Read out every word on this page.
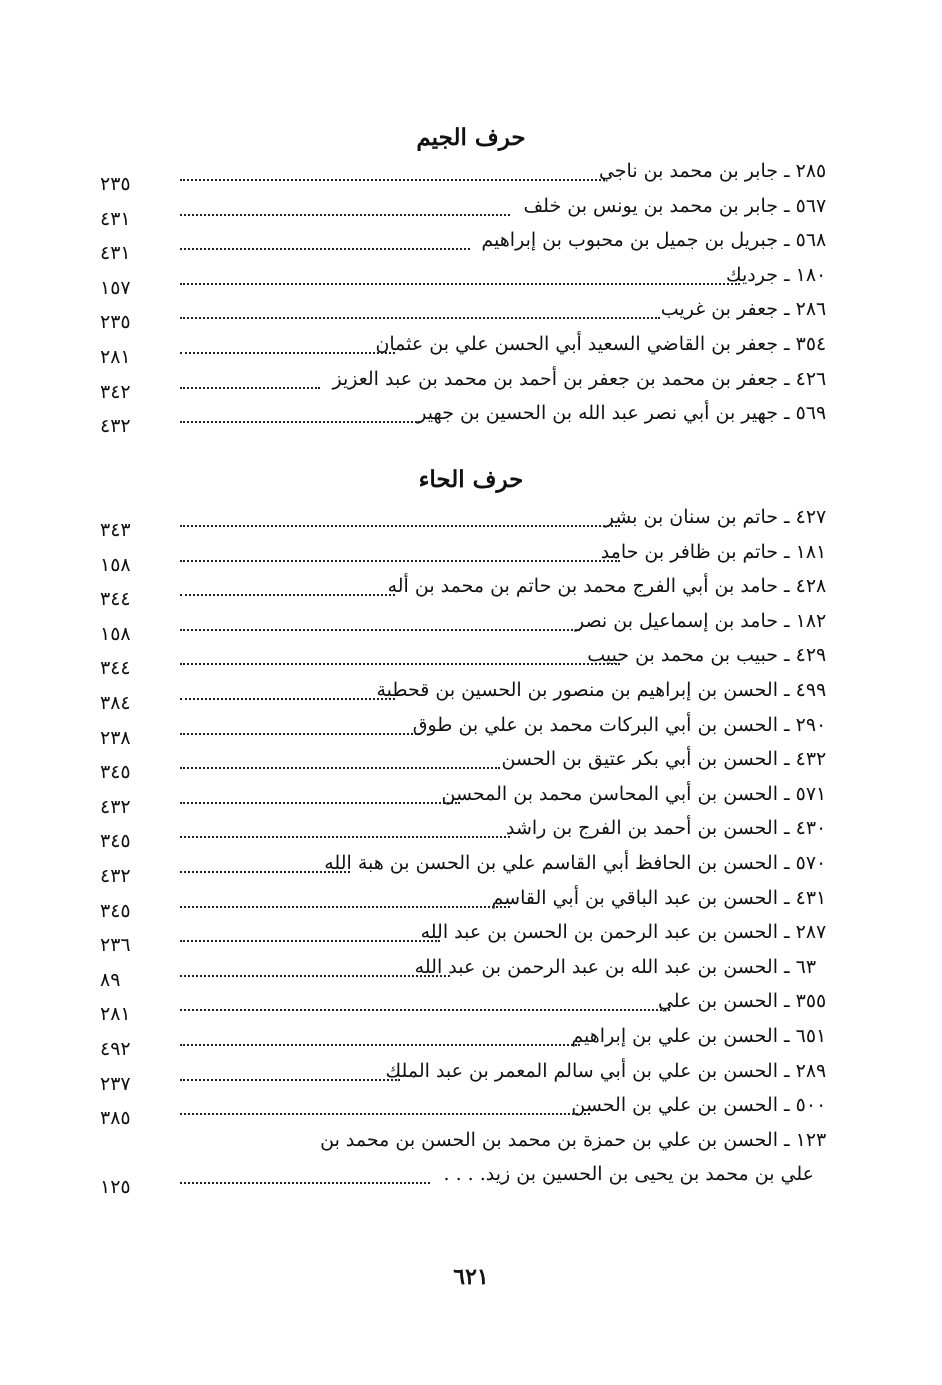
حرف الجيم
٢٨٥ ـ
جابر بن محمد بن ناجي
٢٣٥
٥٦٧ ـ
جابر بن محمد بن يونس بن خلف
٤٣١
٥٦٨ ـ
جبريل بن جميل بن محبوب بن إبراهيم
٤٣١
١٨٠ ـ
جرديك
١٥٧
٢٨٦ ـ
جعفر بن غريب
٢٣٥
٣٥٤ ـ
جعفر بن القاضي السعيد أبي الحسن علي بن عثمان
٢٨١
٤٢٦ ـ
جعفر بن محمد بن جعفر بن أحمد بن محمد بن عبد العزيز
٣٤٢
٥٦٩ ـ
جهير بن أبي نصر عبد الله بن الحسين بن جهير
٤٣٢
حرف الحاء
٤٢٧ ـ
حاتم بن سنان بن بشر
٣٤٣
١٨١ ـ
حاتم بن ظافر بن حامد
١٥٨
٤٢٨ ـ
حامد بن أبي الفرج محمد بن حاتم بن محمد بن أله
٣٤٤
١٨٢ ـ
حامد بن إسماعيل بن نصر
١٥٨
٤٢٩ ـ
حبيب بن محمد بن حبيب
٣٤٤
٤٩٩ ـ
الحسن بن إبراهيم بن منصور بن الحسين بن قحطبة
٣٨٤
٢٩٠ ـ
الحسن بن أبي البركات محمد بن علي بن طوق
٢٣٨
٤٣٢ ـ
الحسن بن أبي بكر عتيق بن الحسن
٣٤٥
٥٧١ ـ
الحسن بن أبي المحاسن محمد بن المحسن
٤٣٢
٤٣٠ ـ
الحسن بن أحمد بن الفرج بن راشد
٣٤٥
٥٧٠ ـ
الحسن بن الحافظ أبي القاسم علي بن الحسن بن هبة الله
٤٣٢
٤٣١ ـ
الحسن بن عبد الباقي بن أبي القاسم
٣٤٥
٢٨٧ ـ
الحسن بن عبد الرحمن بن الحسن بن عبد الله
٢٣٦
٦٣ ـ
الحسن بن عبد الله بن عبد الرحمن بن عبد الله
٨٩
٣٥٥ ـ
الحسن بن علي
٢٨١
٦٥١ ـ
الحسن بن علي بن إبراهيم
٤٩٢
٢٨٩ ـ
الحسن بن علي بن أبي سالم المعمر بن عبد الملك
٢٣٧
٥٠٠ ـ
الحسن بن علي بن الحسن
٣٨٥
١٢٣ ـ
الحسن بن علي بن حمزة بن محمد بن الحسن بن محمد بن
علي بن محمد بن يحيى بن الحسين بن زيد. . . .
١٢٥
٦٢١
